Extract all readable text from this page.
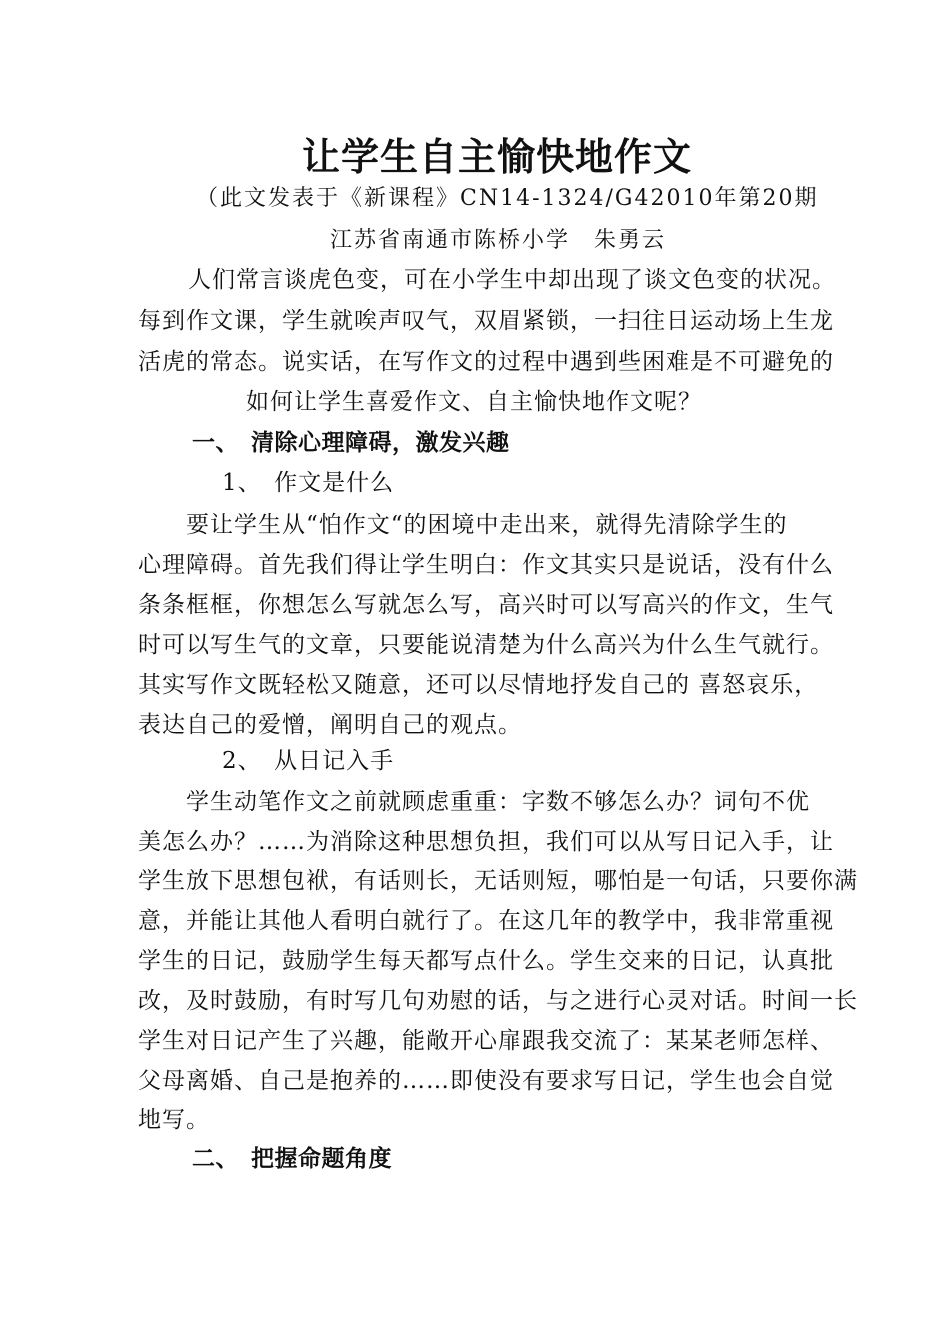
让学生自主愉快地作文

（此文发表于《新课程》CN14-1324/G42010年第20期

江苏省南通市陈桥小学　朱勇云

人们常言谈虎色变，可在小学生中却出现了谈文色变的状况。

每到作文课，学生就唉声叹气，双眉紧锁，一扫往日运动场上生龙

活虎的常态。说实话，在写作文的过程中遇到些困难是不可避免的

如何让学生喜爱作文、自主愉快地作文呢？

一、　清除心理障碍，激发兴趣
1、　作文是什么

要让学生从“怕作文“的困境中走出来，就得先清除学生的

心理障碍。首先我们得让学生明白：作文其实只是说话，没有什么

条条框框，你想怎么写就怎么写，高兴时可以写高兴的作文，生气

时可以写生气的文章，只要能说清楚为什么高兴为什么生气就行。

其实写作文既轻松又随意，还可以尽情地抒发自己的 喜怒哀乐，

表达自己的爱憎，阐明自己的观点。

2、　从日记入手

学生动笔作文之前就顾虑重重：字数不够怎么办？词句不优

美怎么办？……为消除这种思想负担，我们可以从写日记入手，让

学生放下思想包袱，有话则长，无话则短，哪怕是一句话，只要你满

意，并能让其他人看明白就行了。在这几年的教学中，我非常重视

学生的日记，鼓励学生每天都写点什么。学生交来的日记，认真批

改，及时鼓励，有时写几句劝慰的话，与之进行心灵对话。时间一长

学生对日记产生了兴趣，能敞开心扉跟我交流了：某某老师怎样、

父母离婚、自己是抱养的……即使没有要求写日记，学生也会自觉

地写。

二、　把握命题角度
